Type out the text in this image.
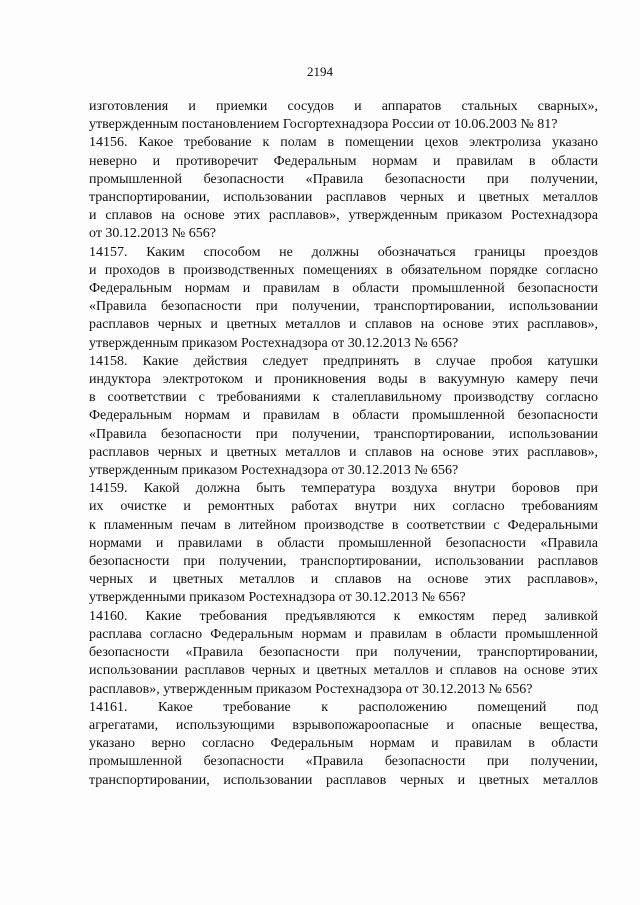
2194
изготовления и приемки сосудов и аппаратов стальных сварных»,
утвержденным постановлением Госгортехнадзора России от 10.06.2003 № 81?
14156. Какое требование к полам в помещении цехов электролиза указано
неверно и противоречит Федеральным нормам и правилам в области
промышленной безопасности «Правила безопасности при получении,
транспортировании, использовании расплавов черных и цветных металлов
и сплавов на основе этих расплавов», утвержденным приказом Ростехнадзора
от 30.12.2013 № 656?
14157. Каким способом не должны обозначаться границы проездов
и проходов в производственных помещениях в обязательном порядке согласно
Федеральным нормам и правилам в области промышленной безопасности
«Правила безопасности при получении, транспортировании, использовании
расплавов черных и цветных металлов и сплавов на основе этих расплавов»,
утвержденным приказом Ростехнадзора от 30.12.2013 № 656?
14158. Какие действия следует предпринять в случае пробоя катушки
индуктора электротоком и проникновения воды в вакуумную камеру печи
в соответствии с требованиями к сталеплавильному производству согласно
Федеральным нормам и правилам в области промышленной безопасности
«Правила безопасности при получении, транспортировании, использовании
расплавов черных и цветных металлов и сплавов на основе этих расплавов»,
утвержденным приказом Ростехнадзора от 30.12.2013 № 656?
14159. Какой должна быть температура воздуха внутри боровов при
их очистке и ремонтных работах внутри них согласно требованиям
к пламенным печам в литейном производстве в соответствии с Федеральными
нормами и правилами в области промышленной безопасности «Правила
безопасности при получении, транспортировании, использовании расплавов
черных и цветных металлов и сплавов на основе этих расплавов»,
утвержденными приказом Ростехнадзора от 30.12.2013 № 656?
14160. Какие требования предъявляются к емкостям перед заливкой
расплава согласно Федеральным нормам и правилам в области промышленной
безопасности «Правила безопасности при получении, транспортировании,
использовании расплавов черных и цветных металлов и сплавов на основе этих
расплавов», утвержденным приказом Ростехнадзора от 30.12.2013 № 656?
14161. Какое требование к расположению помещений под
агрегатами, использующими взрывопожароопасные и опасные вещества,
указано верно согласно Федеральным нормам и правилам в области
промышленной безопасности «Правила безопасности при получении,
транспортировании, использовании расплавов черных и цветных металлов
